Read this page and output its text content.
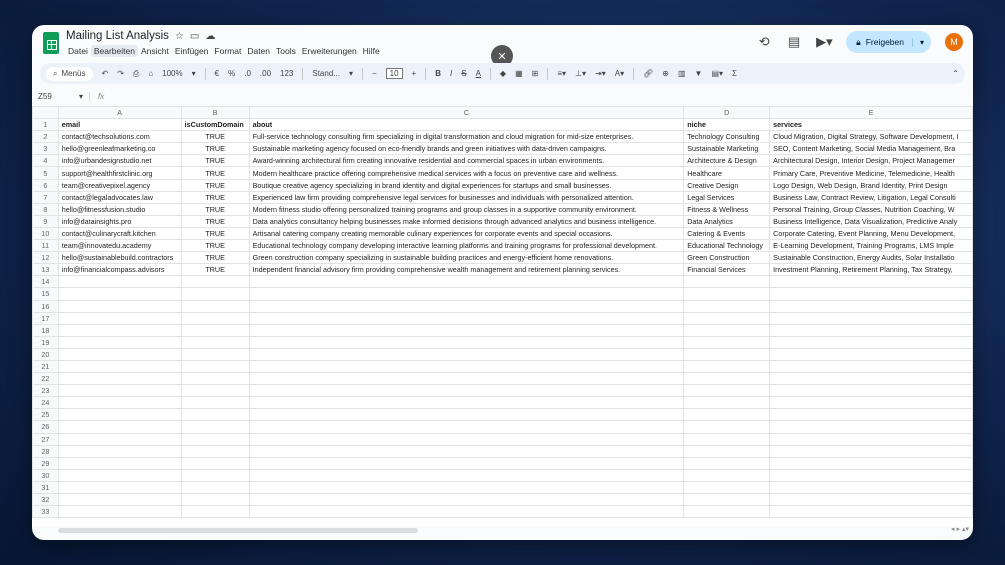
Mailing List Analysis ☆ ▭ ☁
Datei Bearbeiten Ansicht Einfügen Format Daten Tools Erweiterungen Hilfe
⟲ ▤ ▶▾	🔒︎ Freigeben	▾	M
✕
⌕ Menüs ↶ ↷ ⎙ ⌂ 100% ▾ € % .0 .00 123 Stand... ▾ −	10	+ B I S A ◆ ▦ ⊞ ≡▾ ⊥▾ ⇥▾ A▾ 🔗︎ ⊕ ▥ ▼ ▤▾ Σ	⌃
Z59	▾	fx
	A	B	C	D	E
1	email	isCustomDomain	about	niche	services
2	contact@techsolutions.com	TRUE	Full-service technology consulting firm specializing in digital transformation and cloud migration for mid-size enterprises.	Technology Consulting	Cloud Migration, Digital Strategy, Software Development, I
3	hello@greenleafmarketing.co	TRUE	Sustainable marketing agency focused on eco-friendly brands and green initiatives with data-driven campaigns.	Sustainable Marketing	SEO, Content Marketing, Social Media Management, Bra
4	info@urbandesignstudio.net	TRUE	Award-winning architectural firm creating innovative residential and commercial spaces in urban environments.	Architecture & Design	Architectural Design, Interior Design, Project Managemer
5	support@healthfirstclinic.org	TRUE	Modern healthcare practice offering comprehensive medical services with a focus on preventive care and wellness.	Healthcare	Primary Care, Preventive Medicine, Telemedicine, Health
6	team@creativepixel.agency	TRUE	Boutique creative agency specializing in brand identity and digital experiences for startups and small businesses.	Creative Design	Logo Design, Web Design, Brand Identity, Print Design
7	contact@legaladvocates.law	TRUE	Experienced law firm providing comprehensive legal services for businesses and individuals with personalized attention.	Legal Services	Business Law, Contract Review, Litigation, Legal Consulti
8	hello@fitnessfusion.studio	TRUE	Modern fitness studio offering personalized training programs and group classes in a supportive community environment.	Fitness & Wellness	Personal Training, Group Classes, Nutrition Coaching, W
9	info@datainsights.pro	TRUE	Data analytics consultancy helping businesses make informed decisions through advanced analytics and business intelligence.	Data Analytics	Business Intelligence, Data Visualization, Predictive Analy
10	contact@culinarycraft.kitchen	TRUE	Artisanal catering company creating memorable culinary experiences for corporate events and special occasions.	Catering & Events	Corporate Catering, Event Planning, Menu Development,
11	team@innovatedu.academy	TRUE	Educational technology company developing interactive learning platforms and training programs for professional development.	Educational Technology	E-Learning Development, Training Programs, LMS Imple
12	hello@sustainablebuild.contractors	TRUE	Green construction company specializing in sustainable building practices and energy-efficient home renovations.	Green Construction	Sustainable Construction, Energy Audits, Solar Installatio
13	info@financialcompass.advisors	TRUE	Independent financial advisory firm providing comprehensive wealth management and retirement planning services.	Financial Services	Investment Planning, Retirement Planning, Tax Strategy,
14					
15					
16					
17					
18					
19					
20					
21					
22					
23					
24					
25					
26					
27					
28					
29					
30					
31					
32					
33					
◂ ▸ ▴▾
